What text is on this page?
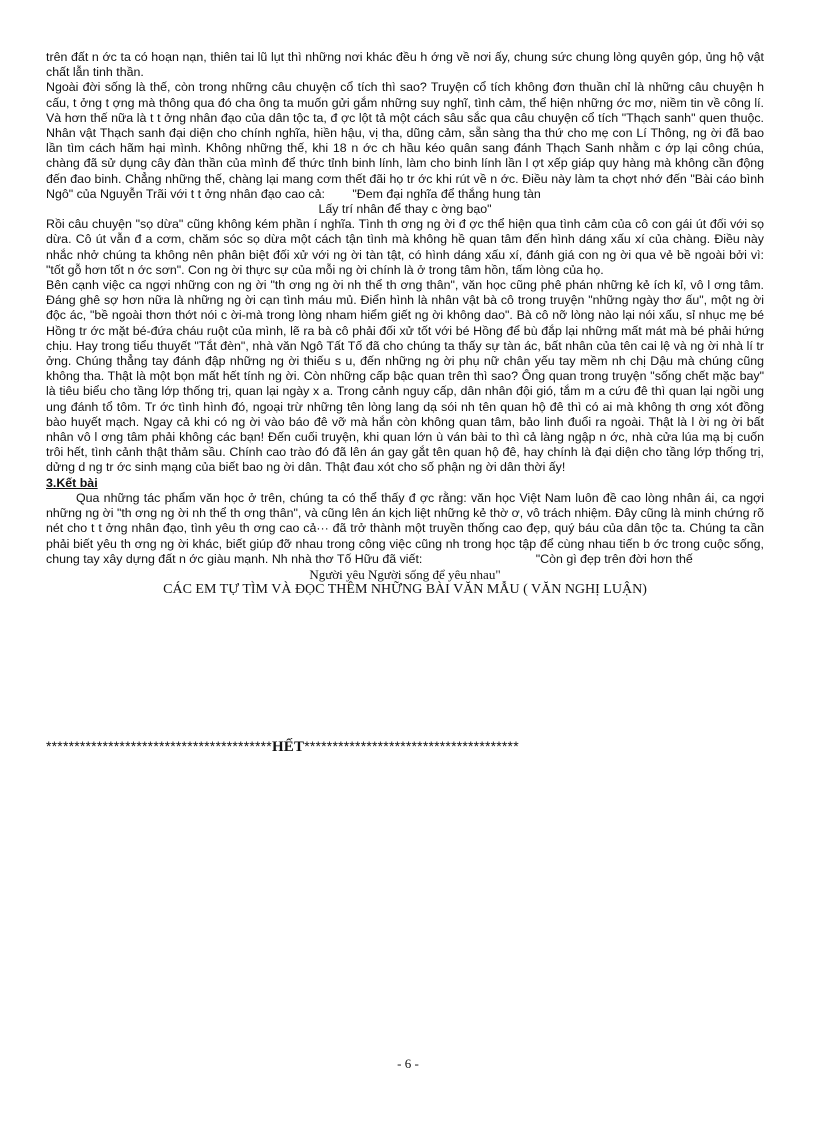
trên đất n ớc ta có hoạn nạn, thiên tai lũ lụt thì những nơi khác đều h ớng về nơi ấy, chung sức chung lòng quyên góp, ủng hộ vật chất lẫn tinh thần.

Ngoài đời sống là thế, còn trong những câu chuyện cổ tích thì sao? Truyện cổ tích không đơn thuần chỉ là những câu chuyện h cấu, t ởng t ợng mà thông qua đó cha ông ta muốn gửi gắm những suy nghĩ, tình cảm, thể hiện những ớc mơ, niềm tin về công lí. Và hơn thế nữa là t t ởng nhân đạo của dân tộc ta, đ ợc lột tả một cách sâu sắc qua câu chuyện cổ tích "Thạch sanh" quen thuộc. Nhân vật Thạch sanh đại diện cho chính nghĩa, hiền hậu, vị tha, dũng cảm, sẵn sàng tha thứ cho mẹ con Lí Thông, ng ời đã bao lần tìm cách hãm hại mình. Không những thế, khi 18 n ớc ch hầu kéo quân sang đánh Thạch Sanh nhằm c ớp lại công chúa, chàng đã sử dụng cây đàn thần của mình để thức tỉnh binh lính, làm cho binh lính lần l ợt xếp giáp quy hàng mà không cần động đến đao binh. Chẳng những thế, chàng lại mang cơm thết đãi họ tr ớc khi rút về n ớc. Điều này làm ta chợt nhớ đến "Bài cáo bình Ngô" của Nguyễn Trãi với t t ởng nhân đạo cao cả: "Đem đại nghĩa để thắng hung tàn

Lấy trí nhân để thay c ờng bạo"

Rồi câu chuyện "sọ dừa" cũng không kém phần í nghĩa. Tình th ơng ng ời đ ợc thể hiện qua tình cảm của cô con gái út đối với sọ dừa. Cô út vẫn đ a cơm, chăm sóc sọ dừa một cách tận tình mà không hề quan tâm đến hình dáng xấu xí của chàng. Điều này nhắc nhở chúng ta không nên phân biệt đối xử với ng ời tàn tật, có hình dáng xấu xí, đánh giá con ng ời qua vẻ bề ngoài bởi vì: "tốt gỗ hơn tốt n ớc sơn". Con ng ời thực sự của mỗi ng ời chính là ở trong tâm hồn, tấm lòng của họ.

Bên cạnh việc ca ngợi những con ng ời "th ơng ng ời nh thể th ơng thân", văn học cũng phê phán những kẻ ích kỉ, vô l ơng tâm. Đáng ghê sợ hơn nữa là những ng ời cạn tình máu mủ. Điển hình là nhân vật bà cô trong truyện "những ngày thơ ấu", một ng ời độc ác, "bề ngoài thơn thớt nói c ời-mà trong lòng nham hiểm giết ng ời không dao". Bà cô nỡ lòng nào lại nói xấu, sỉ nhục mẹ bé Hồng tr ớc mặt bé-đứa cháu ruột của mình, lẽ ra bà cô phải đối xử tốt với bé Hồng để bù đắp lại những mất mát mà bé phải hứng chịu. Hay trong tiểu thuyết "Tắt đèn", nhà văn Ngô Tất Tố đã cho chúng ta thấy sự tàn ác, bất nhân của tên cai lệ và ng ời nhà lí tr ởng. Chúng thẳng tay đánh đập những ng ời thiếu s u, đến những ng ời phụ nữ chân yếu tay mềm nh chị Dậu mà chúng cũng không tha. Thật là một bọn mất hết tính ng ời. Còn những cấp bậc quan trên thì sao? Ông quan trong truyện "sống chết mặc bay" là tiêu biểu cho tầng lớp thống trị, quan lại ngày x a. Trong cảnh nguy cấp, dân nhân đội gió, tắm m a cứu đê thì quan lại ngồi ung ung đánh tổ tôm. Tr ớc tình hình đó, ngoại trừ những tên lòng lang dạ sói nh tên quan hộ đê thì có ai mà không th ơng xót đồng bào huyết mạch. Ngay cả khi có ng ời vào báo đê vỡ mà hắn còn không quan tâm, bảo linh đuổi ra ngoài. Thật là l ời ng ời bất nhân vô l ơng tâm phải không các bạn! Đến cuối truyện, khi quan lớn ù ván bài to thì cả làng ngập n ớc, nhà cửa lúa mạ bị cuốn trôi hết, tình cảnh thật thảm sầu. Chính cao trào đó đã lên án gay gắt tên quan hộ đê, hay chính là đại diện cho tầng lớp thống trị, dửng d ng tr ớc sinh mạng của biết bao ng ời dân. Thật đau xót cho số phận ng ời dân thời ấy!

3.Kết bài

Qua những tác phẩm văn học ở trên, chúng ta có thể thấy đ ợc rằng: văn học Việt Nam luôn đề cao lòng nhân ái, ca ngợi những ng ời "th ơng ng ời nh thể th ơng thân", và cũng lên án kịch liệt những kẻ thờ ơ, vô trách nhiệm. Đây cũng là minh chứng rõ nét cho t t ởng nhân đạo, tình yêu th ơng cao cả··· đã trở thành một truyền thống cao đẹp, quý báu của dân tộc ta. Chúng ta cần phải biết yêu th ơng ng ời khác, biết giúp đỡ nhau trong công việc cũng nh trong học tập để cùng nhau tiến b ớc trong cuộc sống, chung tay xây dựng đất n ớc giàu mạnh. Nh nhà thơ Tố Hữu đã viết:	"Còn gì đẹp trên đời hơn thế

Người yêu Người sống để yêu nhau"

CÁC EM TỰ TÌM VÀ ĐỌC THÊM NHỮNG BÀI VĂN MẪU ( VĂN NGHỊ LUẬN)

****************************************HẾT**************************************
- 6 -
